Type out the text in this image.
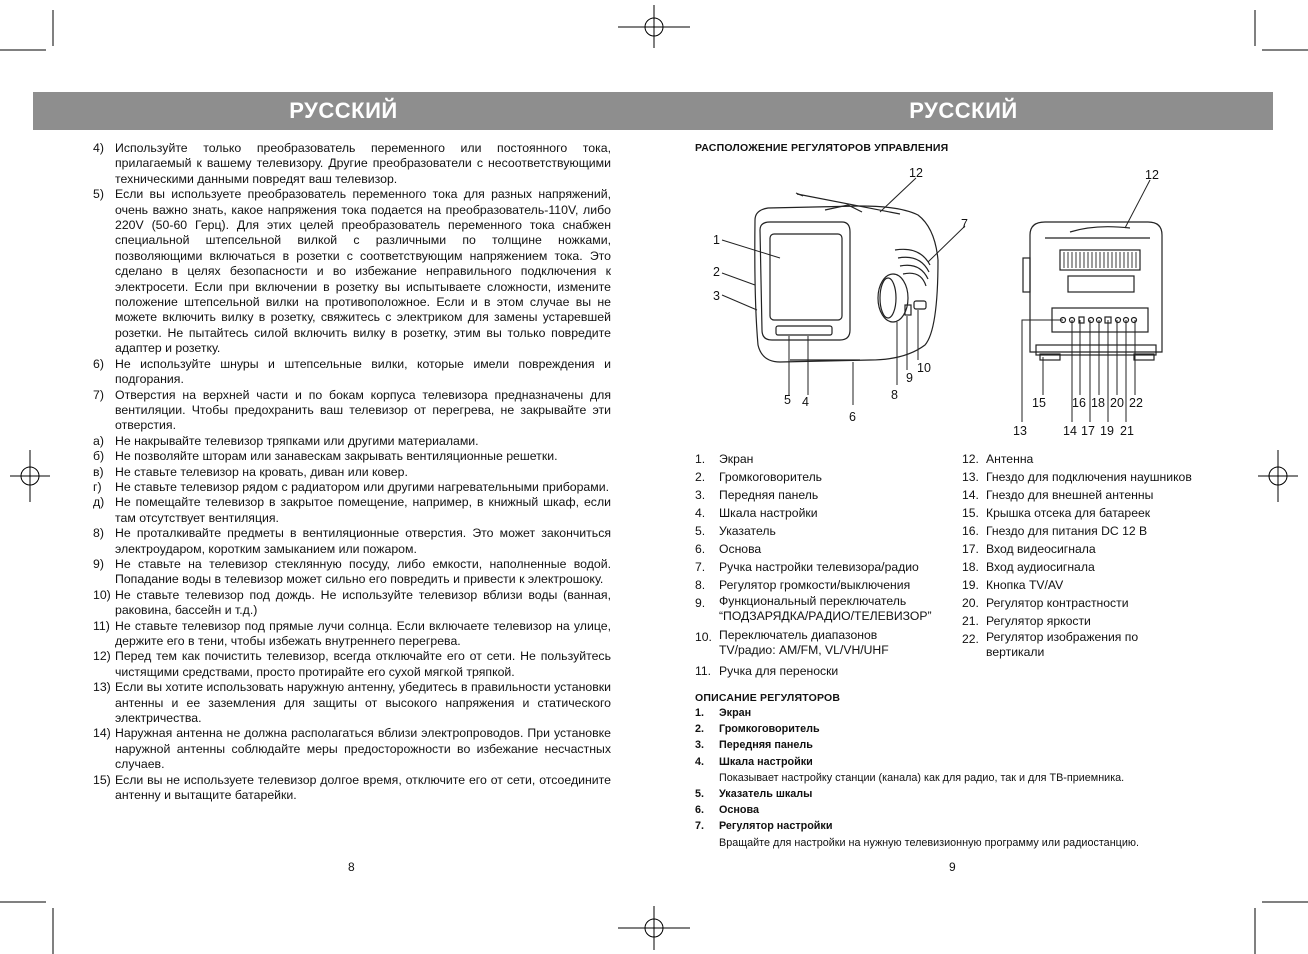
РУССКИЙ	РУССКИЙ
4) Используйте только преобразователь переменного или постоянного тока, прилагаемый к вашему телевизору. Другие преобразователи с несоответствующими техническими данными повредят ваш телевизор.
5) Если вы используете преобразователь переменного тока для разных напряжений, очень важно знать, какое напряжения тока подается на преобразователь-110V, либо 220V (50-60 Герц). Для этих целей преобразователь переменного тока снабжен специальной штепсельной вилкой с различными по толщине ножками, позволяющими включаться в розетки с соответствующим напряжением тока. Это сделано в целях безопасности и во избежание неправильного подключения к электросети. Если при включении в розетку вы испытываете сложности, измените положение штепсельной вилки на противоположное. Если и в этом случае вы не можете включить вилку в розетку, свяжитесь с электриком для замены устаревшей розетки. Не пытайтесь силой включить вилку в розетку, этим вы только повредите адаптер и розетку.
6) Не используйте шнуры и штепсельные вилки, которые имели повреждения и подгорания.
7) Отверстия на верхней части и по бокам корпуса телевизора предназначены для вентиляции. Чтобы предохранить ваш телевизор от перегрева, не закрывайте эти отверстия.
а) Не накрывайте телевизор тряпками или другими материалами.
б) Не позволяйте шторам или занавескам закрывать вентиляционные решетки.
в) Не ставьте телевизор на кровать, диван или ковер.
г)	Не ставьте телевизор рядом с радиатором или другими нагревательными приборами.
д) Не помещайте телевизор в закрытое помещение, например, в книжный шкаф, если там отсутствует вентиляция.
8) Не проталкивайте предметы в вентиляционные отверстия. Это может закончиться электроударом, коротким замыканием или пожаром.
9) Не ставьте на телевизор стеклянную посуду, либо емкости, наполненные водой. Попадание воды в телевизор может сильно его повредить и привести к электрошоку.
10) Не ставьте телевизор под дождь. Не используйте телевизор вблизи воды (ванная, раковина, бассейн и т.д.)
11) Не ставьте телевизор под прямые лучи солнца. Если включаете телевизор на улице, держите его в тени, чтобы избежать внутреннего перегрева.
12) Перед тем как почистить телевизор, всегда отключайте его от сети. Не пользуйтесь чистящими средствами, просто протирайте его сухой мягкой тряпкой.
13) Если вы хотите использовать наружную антенну, убедитесь в правильности установки антенны и ее заземления для защиты от высокого напряжения и статического электричества.
14) Наружная антенна не должна располагаться вблизи электропроводов. При установке наружной антенны соблюдайте меры предосторожности во избежание несчастных случаев.
15) Если вы не используете телевизор долгое время, отключите его от сети, отсоедините антенну и вытащите батарейки.
8
РАСПОЛОЖЕНИЕ РЕГУЛЯТОРОВ УПРАВЛЕНИЯ
1
2
3
5 4
6
7
12
8
9
10
12
15 16 18 20 22
13	14 17 19 21
1.	Экран
2.	Громкоговоритель
3.	Передняя панель
4.	Шкала настройки
5.	Указатель
6.	Основа
7.	Ручка настройки телевизора/радио
8.	Регулятор громкости/выключения
9.	Функциональный переключатель
“ПОДЗАРЯДКА/РАДИО/ТЕЛЕВИЗОР”
10. Переключатель диапазонов
TV/радио: AM/FM, VL/VH/UHF
11. Ручка для переноски
12. Антенна
13. Гнездо для подключения наушников
14. Гнездо для внешней антенны
15. Крышка отсека для батареек
16. Гнездо для питания DC 12 В
17. Вход видеосигнала
18. Вход аудиосигнала
19. Кнопка TV/AV
20. Регулятор контрастности
21. Регулятор яркости
22. Регулятор изображения по
вертикали
ОПИСАНИЕ РЕГУЛЯТОРОВ
1.	Экран
2.	Громкоговоритель
3.	Передняя панель
4.	Шкала настройки
Показывает настройку станции (канала) как для радио, так и для ТВ-приемника.
5.	Указатель шкалы
6.	Основа
7.	Регулятор настройки
Вращайте для настройки на нужную телевизионную программу или радиостанцию.
9
